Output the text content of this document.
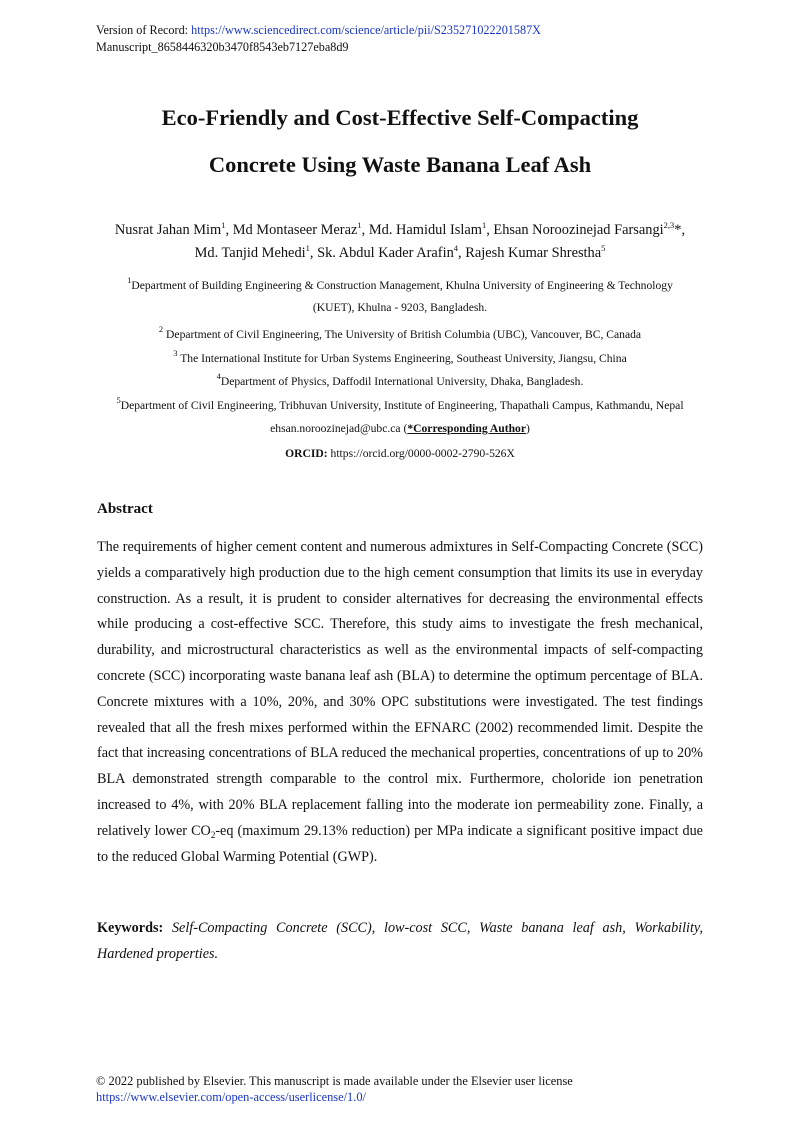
Version of Record: https://www.sciencedirect.com/science/article/pii/S235271022201587X
Manuscript_8658446320b3470f8543eb7127eba8d9
Eco-Friendly and Cost-Effective Self-Compacting
Concrete Using Waste Banana Leaf Ash
Nusrat Jahan Mim$^1$, Md Montaseer Meraz$^1$, Md. Hamidul Islam$^1$, Ehsan Noroozinejad Farsangi$^{2,3}$*,
Md. Tanjid Mehedi$^1$, Sk. Abdul Kader Arafin$^4$, Rajesh Kumar Shrestha$^5$
$^1$Department of Building Engineering & Construction Management, Khulna University of Engineering & Technology
(KUET), Khulna - 9203, Bangladesh.
$^2$ Department of Civil Engineering, The University of British Columbia (UBC), Vancouver, BC, Canada
$^3$ The International Institute for Urban Systems Engineering, Southeast University, Jiangsu, China
$^4$Department of Physics, Daffodil International University, Dhaka, Bangladesh.
$^5$Department of Civil Engineering, Tribhuvan University, Institute of Engineering, Thapathali Campus, Kathmandu, Nepal
ehsan.noroozinejad@ubc.ca (*Corresponding Author)
ORCID: https://orcid.org/0000-0002-2790-526X
Abstract
The requirements of higher cement content and numerous admixtures in Self-Compacting Concrete (SCC) yields a comparatively high production due to the high cement consumption that limits its use in everyday construction. As a result, it is prudent to consider alternatives for decreasing the environmental effects while producing a cost-effective SCC. Therefore, this study aims to investigate the fresh mechanical, durability, and microstructural characteristics as well as the environmental impacts of self-compacting concrete (SCC) incorporating waste banana leaf ash (BLA) to determine the optimum percentage of BLA. Concrete mixtures with a 10%, 20%, and 30% OPC substitutions were investigated. The test findings revealed that all the fresh mixes performed within the EFNARC (2002) recommended limit. Despite the fact that increasing concentrations of BLA reduced the mechanical properties, concentrations of up to 20% BLA demonstrated strength comparable to the control mix. Furthermore, choloride ion penetration increased to 4%, with 20% BLA replacement falling into the moderate ion permeability zone. Finally, a relatively lower $CO_2-eq$ (maximum 29.13% reduction) per MPa indicate a significant positive impact due to the reduced Global Warming Potential (GWP).
Keywords: Self-Compacting Concrete (SCC), low-cost SCC, Waste banana leaf ash, Workability, Hardened properties.
© 2022 published by Elsevier. This manuscript is made available under the Elsevier user license
https://www.elsevier.com/open-access/userlicense/1.0/
